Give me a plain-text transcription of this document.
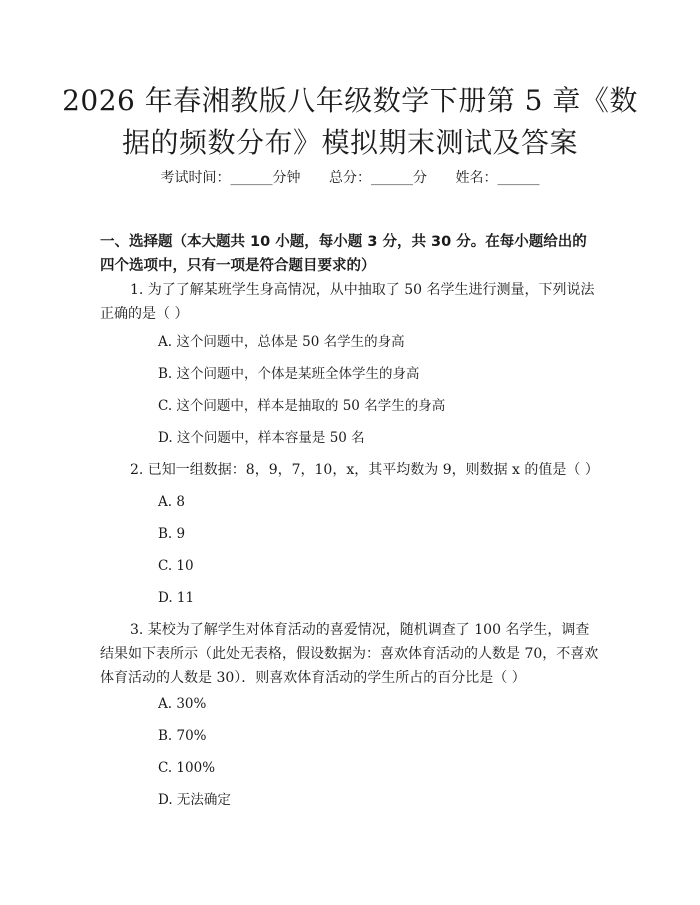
2026 年春湘教版八年级数学下册第 5 章《数
据的频数分布》模拟期末测试及答案
考试时间：______分钟 总分：______分 姓名：______
一、选择题（本大题共 10 小题，每小题 3 分，共 30 分。在每小题给出的四个选项中，只有一项是符合题目要求的）
1. 为了了解某班学生身高情况，从中抽取了 50 名学生进行测量，下列说法正确的是（ ）
A. 这个问题中，总体是 50 名学生的身高
B. 这个问题中，个体是某班全体学生的身高
C. 这个问题中，样本是抽取的 50 名学生的身高
D. 这个问题中，样本容量是 50 名
2. 已知一组数据：8，9，7，10，x，其平均数为 9，则数据 x 的值是（ ）
A. 8
B. 9
C. 10
D. 11
3. 某校为了解学生对体育活动的喜爱情况，随机调查了 100 名学生，调查结果如下表所示（此处无表格，假设数据为：喜欢体育活动的人数是 70，不喜欢体育活动的人数是 30）．则喜欢体育活动的学生所占的百分比是（ ）
A. 30%
B. 70%
C. 100%
D. 无法确定
